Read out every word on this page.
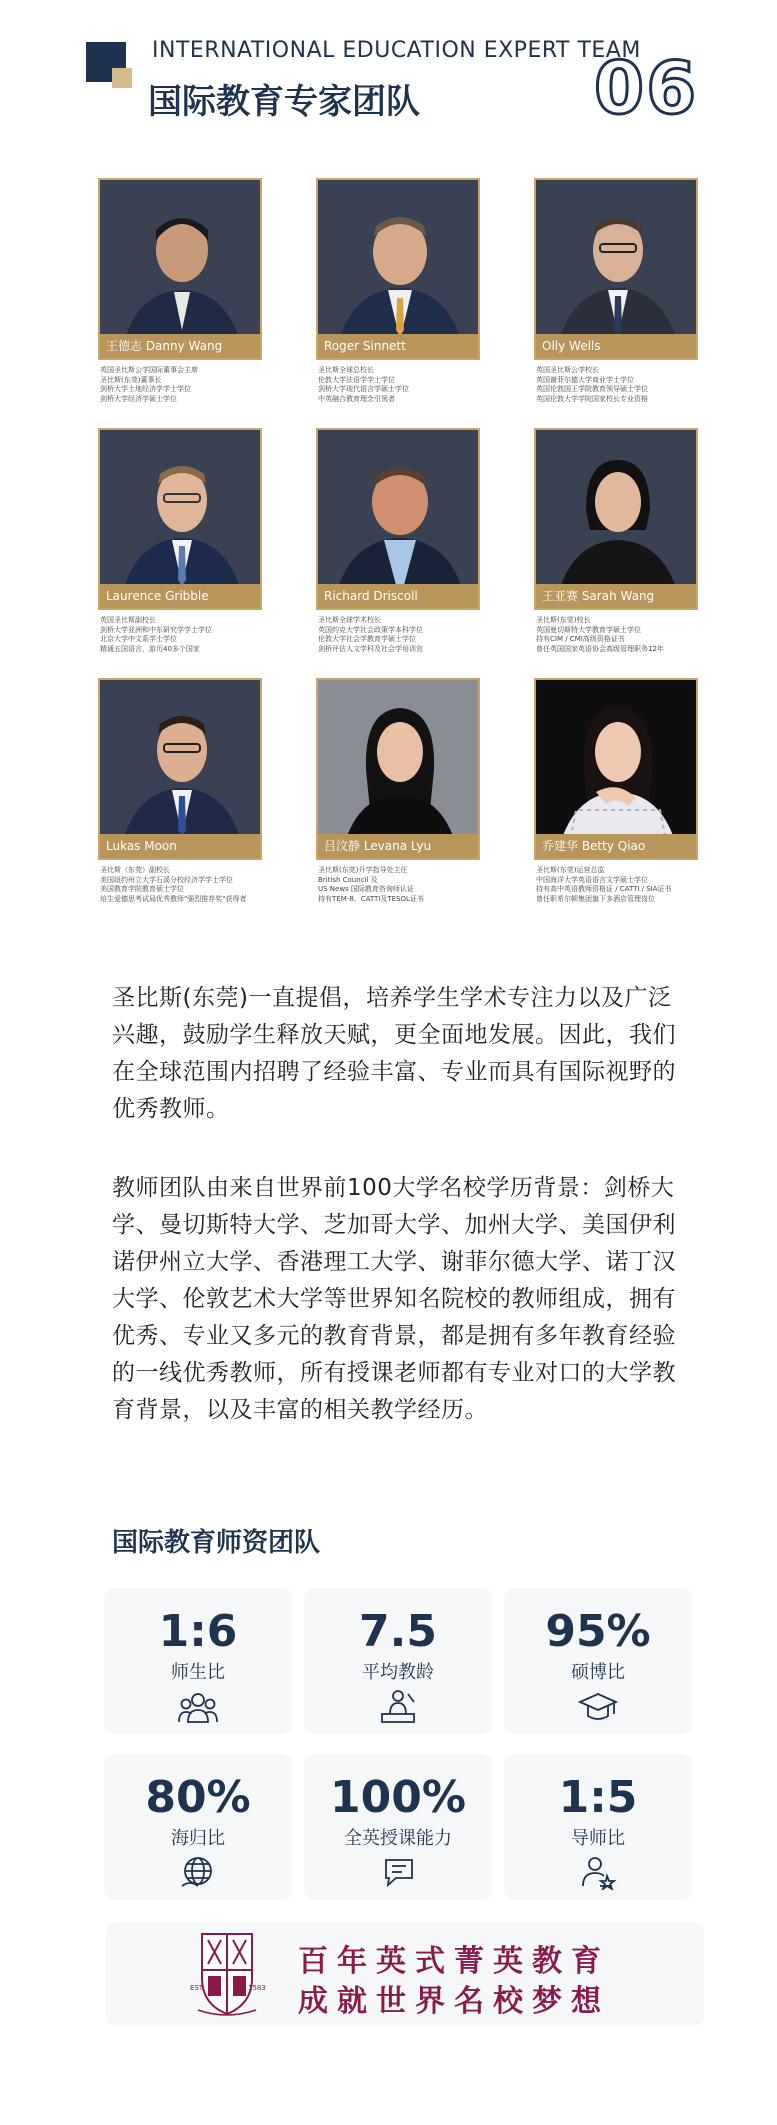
INTERNATIONAL EDUCATION EXPERT TEAM
国际教育专家团队 06
王德志 Danny Wang
英国圣比斯公学国际董事会主席
圣比斯(东莞)董事长
剑桥大学土地经济学学士学位
剑桥大学经济学硕士学位
Roger Sinnett
圣比斯全球总校长
伦敦大学法语学学士学位
剑桥大学现代语言学硕士学位
中英融合教育理念引领者
Olly Wells
英国圣比斯公学校长
英国谢菲尔德大学商业学士学位
英国伦敦国王学院教育领导硕士学位
英国伦敦大学学院国家校长专业资格
Laurence Gribble
英国圣比斯副校长
剑桥大学亚洲和中东研究学学士学位
北京大学中文系学士学位
精通五国语言，游历40多个国家
Richard Driscoll
圣比斯全球学术校长
英国约克大学社会政策学本科学位
伦敦大学社会学教育学硕士学位
剑桥评估人文学科及社会学培训官
王亚赛 Sarah Wang
圣比斯(东莞)校长
英国曼切斯特大学教育学硕士学位
持有CIM / CMI高级资格证书
曾任英国国家英语协会高级管理职务12年
Lukas Moon
圣比斯（东莞）副校长
美国纽约州立大学石溪分校经济学学士学位
美国教育学院教育硕士学位
培生爱德思考试局优秀教师"强烈推荐奖"获得者
吕汶静 Levana Lyu
圣比斯(东莞)升学指导处主任
British Council 及
US News 国际教育咨询师认证
持有TEM-8、CATTI及TESOL证书
乔建华 Betty Qiao
圣比斯(东莞)运营总监
中国海洋大学英语语言文学硕士学位
持有高中英语教师资格证 / CATTI / SIA证书
曾任职希尔顿集团旗下多酒店管理岗位
圣比斯(东莞)一直提倡，培养学生学术专注力以及广泛兴趣，鼓励学生释放天赋，更全面地发展。因此，我们在全球范围内招聘了经验丰富、专业而具有国际视野的优秀教师。
教师团队由来自世界前100大学名校学历背景：剑桥大学、曼切斯特大学、芝加哥大学、加州大学、美国伊利诺伊州立大学、香港理工大学、谢菲尔德大学、诺丁汉大学、伦敦艺术大学等世界知名院校的教师组成，拥有优秀、专业又多元的教育背景，都是拥有多年教育经验的一线优秀教师，所有授课老师都有专业对口的大学教育背景，以及丰富的相关教学经历。
国际教育师资团队
1:6
师生比
7.5
平均教龄
95%
硕博比
80%
海归比
100%
全英授课能力
1:5
导师比
EST.	1583
百年英式菁英教育
成就世界名校梦想
